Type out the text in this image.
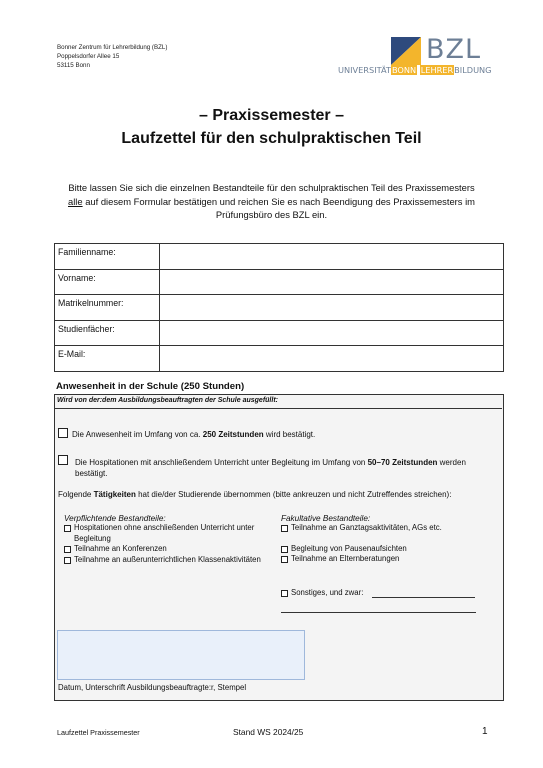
Bonner Zentrum für Lehrerbildung (BZL)
Poppelsdorfer Allee 15
53115 Bonn
BZL
UNIVERSITÄTBONN LEHRERBILDUNG
– Praxissemester –
Laufzettel für den schulpraktischen Teil
Bitte lassen Sie sich die einzelnen Bestandteile für den schulpraktischen Teil des Praxissemesters alle auf diesem Formular bestätigen und reichen Sie es nach Beendigung des Praxissemesters im Prüfungsbüro des BZL ein.
Familienname:	
Vorname:	
Matrikelnummer:	
Studienfächer:	
E-Mail:	
Anwesenheit in der Schule (250 Stunden)
Wird von der:dem Ausbildungsbeauftragten der Schule ausgefüllt:
Die Anwesenheit im Umfang von ca. 250 Zeitstunden wird bestätigt.
Die Hospitationen mit anschließendem Unterricht unter Begleitung im Umfang von 50–70 Zeitstunden werden bestätigt.
Folgende Tätigkeiten hat die/der Studierende übernommen (bitte ankreuzen und nicht Zutreffendes streichen):
Verpflichtende Bestandteile:
Hospitationen ohne anschließenden Unterricht unter Begleitung
Teilnahme an Konferenzen
Teilnahme an außerunterrichtlichen Klassenaktivitäten
Fakultative Bestandteile:
Teilnahme an Ganztagsaktivitäten, AGs etc.
Begleitung von Pausenaufsichten
Teilnahme an Elternberatungen
Sonstiges, und zwar:
Datum, Unterschrift Ausbildungsbeauftragte:r, Stempel
Laufzettel Praxissemester	Stand WS 2024/25	1
